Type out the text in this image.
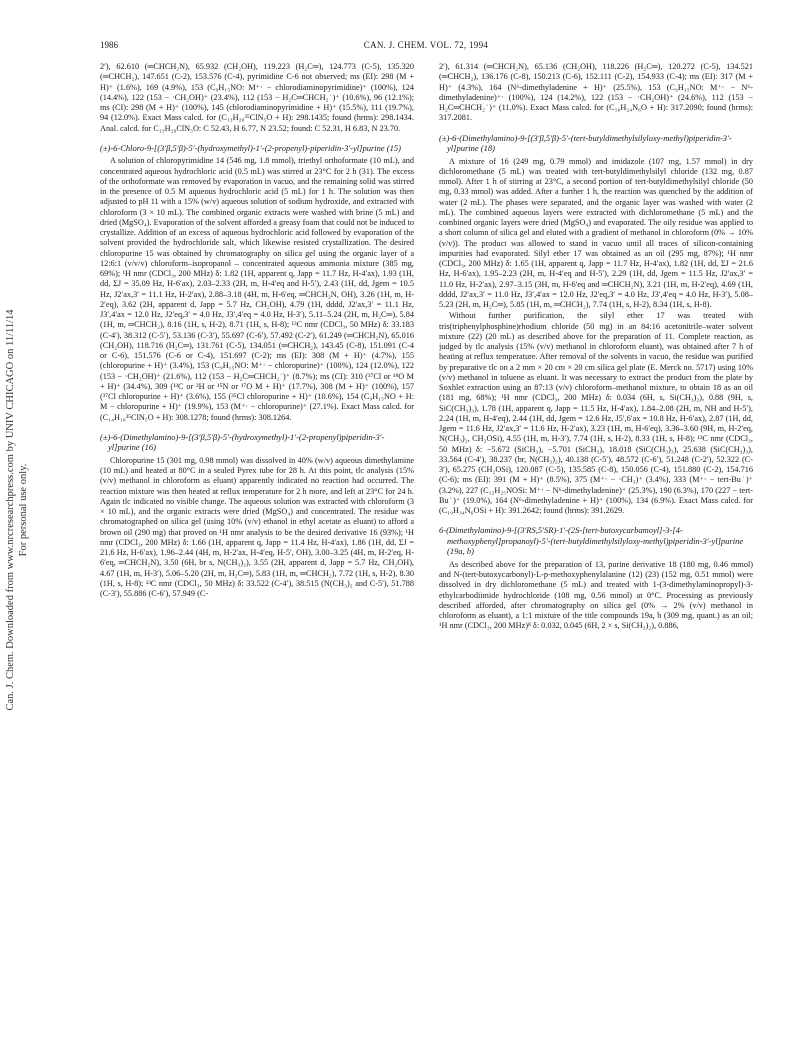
1986	CAN. J. CHEM. VOL. 72, 1994
Can. J. Chem. Downloaded from www.nrcresearchpress.com by UNIV CHICAGO on 11/11/14 For personal use only.

2′), 62.610 (═CHCH₂N), 65.932 (CH₂OH), 119.223 (H₂C═), 124.773 (C-5), 135.320 (═CHCH₂), 147.651 (C-2), 153.576 (C-4), pyrimidine C-6 not observed; ms (EI): 298 (M + H)⁺ (1.6%), 169 (4.9%), 153 (C₉H₁₅NO: M⁺· − chlorodiaminopyrimidine)⁺ (100%), 124 (14.4%), 122 (153 − ·CH₂OH)⁺ (23.4%), 112 (153 − H₂C═CHCH₂˙)⁺ (10.6%), 96 (12.1%); ms (CI): 298 (M + H)⁺ (100%), 145 (chlorodiaminopyrimidine + H)⁺ (15.5%), 111 (19.7%), 94 (12.0%). Exact Mass calcd. for (C₁₃H₂₀³⁵ClN₅O + H): 298.1435; found (hrms): 298.1434. Anal. calcd. for C₁₃H₂₀ClN₅O: C 52.43, H 6.77, N 23.52; found: C 52.31, H 6.83, N 23.70.

(±)-6-Chloro-9-[(3′β,5′β)-5′-(hydroxymethyl)-1′-(2-propenyl)-piperidin-3′-yl]purine (15)

A solution of chloropyrimidine 14 (546 mg, 1.8 mmol), triethyl orthoformate (10 mL), and concentrated aqueous hydrochloric acid (0.5 mL) was stirred at 23°C for 2 h (31). The excess of the orthoformate was removed by evaporation in vacuo, and the remaining solid was stirred in the presence of 0.5 M aqueous hydrochloric acid (5 mL) for 1 h. The solution was then adjusted to pH 11 with a 15% (w/v) aqueous solution of sodium hydroxide, and extracted with chloroform (3 × 10 mL). The combined organic extracts were washed with brine (5 mL) and dried (MgSO₄). Evaporation of the solvent afforded a greasy foam that could not be induced to crystallize. Addition of an excess of aqueous hydrochloric acid followed by evaporation of the solvent provided the hydrochloride salt, which likewise resisted crystallization. The desired chloropurine 15 was obtained by chromatography on silica gel using the organic layer of a 12:6:1 (v/v/v) chloroform–isopropanol – concentrated aqueous ammonia mixture (385 mg, 69%); ¹H nmr (CDCl₃, 200 MHz) δ: 1.82 (1H, apparent q, Japp = 11.7 Hz, H-4′ax), 1.93 (1H, dd, ΣJ = 35.09 Hz, H-6′ax), 2.03–2.33 (2H, m, H-4′eq and H-5′), 2.43 (1H, dd, Jgem = 10.5 Hz, J2′ax,3′ = 11.1 Hz, H-2′ax), 2.88–3.18 (4H, m, H-6′eq, ═CHCH₂N, OH), 3.26 (1H, m, H-2′eq), 3.62 (2H, apparent d, Japp = 5.7 Hz, CH₂OH), 4.79 (1H, dddd, J2′ax,3′ = 11.1 Hz, J3′,4′ax = 12.0 Hz, J2′eq,3′ = 4.0 Hz, J3′,4′eq = 4.0 Hz, H-3′), 5.11–5.24 (2H, m, H₂C═), 5.84 (1H, m, ═CHCH₂), 8.16 (1H, s, H-2), 8.71 (1H, s, H-8); ¹³C nmr (CDCl₃, 50 MHz) δ: 33.183 (C-4′), 38.312 (C-5′), 53.136 (C-3′), 55.697 (C-6′), 57.492 (C-2′), 61.249 (═CHCH₂N), 65.016 (CH₂OH), 118.716 (H₂C═), 131.761 (C-5), 134.051 (═CHCH₂), 143.45 (C-8), 151.091 (C-4 or C-6), 151.576 (C-6 or C-4), 151.697 (C-2); ms (EI): 308 (M + H)⁺ (4.7%), 155 (chloropurine + H)⁺ (3.4%), 153 (C₉H₁₅NO: M⁺· − chloropurine)⁺ (100%), 124 (12.0%), 122 (153 − ·CH₂OH)⁺ (21.6%), 112 (153 − H₂C═CHCH₂˙)⁺ (8.7%); ms (CI): 310 (³⁷Cl or ¹⁸O M + H)⁺ (34.4%), 309 (¹³C or ²H or ¹⁵N or ¹⁷O M + H)⁺ (17.7%), 308 (M + H)⁺ (100%), 157 (³⁷Cl chloropurine + H)⁺ (3.6%), 155 (³⁵Cl chloropurine + H)⁺ (10.6%), 154 (C₉H₁₅NO + H: M − chloropurine + H)⁺ (19.9%), 153 (M⁺· − chloropurine)⁺ (27.1%). Exact Mass calcd. for (C₁₄H₁₈³⁵ClN₅O + H): 308.1278; found (hrms): 308.1264.

(±)-6-(Dimethylamino)-9-[(3′β,5′β)-5′-(hydroxymethyl)-1′-(2-propenyl)piperidin-3′-yl]purine (16)

Chloropurine 15 (301 mg, 0.98 mmol) was dissolved in 40% (w/v) aqueous dimethylamine (10 mL) and heated at 80°C in a sealed Pyrex tube for 28 h. At this point, tlc analysis (15% (v/v) methanol in chloroform as eluant) apparently indicated no reaction had occurred. The reaction mixture was then heated at reflux temperature for 2 h more, and left at 23°C for 24 h. Again tlc indicated no visible change. The aqueous solution was extracted with chloroform (3 × 10 mL), and the organic extracts were dried (MgSO₄) and concentrated. The residue was chromatographed on silica gel (using 10% (v/v) ethanol in ethyl acetate as eluant) to afford a brown oil (290 mg) that proved on ¹H nmr analysis to be the desired derivative 16 (93%); ¹H nmr (CDCl₃, 200 MHz) δ: 1.66 (1H, apparent q, Japp = 11.4 Hz, H-4′ax), 1.86 (1H, dd, ΣJ = 21.6 Hz, H-6′ax), 1.96–2.44 (4H, m, H-2′ax, H-4′eq, H-5′, OH), 3.00–3.25 (4H, m, H-2′eq, H-6′eq, ═CHCH₂N), 3.50 (6H, br s, N(CH₃)₂), 3.55 (2H, apparent d, Japp = 5.7 Hz, CH₂OH), 4.67 (1H, m, H-3′), 5.06–5.20 (2H, m, H₂C═), 5.83 (1H, m, ═CHCH₂), 7.72 (1H, s, H-2), 8.30 (1H, s, H-8); ¹³C nmr (CDCl₃, 50 MHz) δ: 33.522 (C-4′), 38.515 (N(CH₃)₂ and C-5′), 51.788 (C-3′), 55.886 (C-6′), 57.949 (C-

2′), 61.314 (═CHCH₂N), 65.136 (CH₂OH), 118.226 (H₂C═), 120.272 (C-5), 134.521 (═CHCH₂), 136.176 (C-8), 150.213 (C-6), 152.111 (C-2), 154.933 (C-4); ms (EI): 317 (M + H)⁺ (4.3%), 164 (N⁶-dimethyladenine + H)⁺ (25.5%), 153 (C₉H₁₅NO: M⁺· − N⁶-dimethyladenine)⁺· (100%), 124 (14.2%), 122 (153 − ·CH₂OH)⁺ (24.6%), 112 (153 − H₂C═CHCH₂˙)⁺ (11.0%). Exact Mass calcd. for (C₁₆H₂₄N₆O + H): 317.2090; found (hrms): 317.2081.

(±)-6-(Dimethylamino)-9-[(3′β,5′β)-5′-(tert-butyldimethylsilyloxy-methyl)piperidin-3′-yl]purine (18)

A mixture of 16 (249 mg, 0.79 mmol) and imidazole (107 mg, 1.57 mmol) in dry dichloromethane (5 mL) was treated with tert-butyldimethylsilyl chloride (132 mg, 0.87 mmol). After 1 h of stirring at 23°C, a second portion of tert-butyldimethylsilyl chloride (50 mg, 0.33 mmol) was added. After a further 1 h, the reaction was quenched by the addition of water (2 mL). The phases were separated, and the organic layer was washed with water (2 mL). The combined aqueous layers were extracted with dichloromethane (5 mL) and the combined organic layers were dried (MgSO₄) and evaporated. The oily residue was applied to a short column of silica gel and eluted with a gradient of methanol in chloroform (0% → 10% (v/v)). The product was allowed to stand in vacuo until all traces of silicon-containing impurities had evaporated. Silyl ether 17 was obtained as an oil (295 mg, 87%); ¹H nmr (CDCl₃, 200 MHz) δ: 1.65 (1H, apparent q, Japp = 11.7 Hz, H-4′ax), 1.82 (1H, dd, ΣJ = 21.6 Hz, H-6′ax), 1.95–2.23 (2H, m, H-4′eq and H-5′), 2.29 (1H, dd, Jgem = 11.5 Hz, J2′ax,3′ = 11.0 Hz, H-2′ax), 2.97–3.15 (3H, m, H-6′eq and ═CHCH₂N), 3.21 (1H, m, H-2′eq), 4.69 (1H, dddd, J2′ax,3′ = 11.0 Hz, J3′,4′ax = 12.0 Hz, J2′eq,3′ = 4.0 Hz, J3′,4′eq = 4.0 Hz, H-3′), 5.08–5.23 (2H, m, H₂C═), 5.85 (1H, m, ═CHCH₂), 7.74 (1H, s, H-2), 8.34 (1H, s, H-8).

Without further purification, the silyl ether 17 was treated with tris(triphenylphosphine)rhodium chloride (50 mg) in an 84:16 acetonitrile–water solvent mixture (22) (20 mL) as described above for the preparation of 11. Complete reaction, as judged by tlc analysis (15% (v/v) methanol in chloroform eluant), was obtained after 7 h of heating at reflux temperature. After removal of the solvents in vacuo, the residue was purified by preparative tlc on a 2 mm × 20 cm × 20 cm silica gel plate (E. Merck no. 5717) using 10% (v/v) methanol in toluene as eluant. It was necessary to extract the product from the plate by Soxhlet extraction using an 87:13 (v/v) chloroform–methanol mixture, to obtain 18 as an oil (181 mg, 68%); ¹H nmr (CDCl₃, 200 MHz) δ: 0.034 (6H, s, Si(CH₃)₂), 0.88 (9H, s, SiC(CH₃)₃), 1.78 (1H, apparent q, Japp = 11.5 Hz, H-4′ax), 1.84–2.08 (2H, m, NH and H-5′), 2.24 (1H, m, H-4′eq), 2.44 (1H, dd, Jgem = 12.6 Hz, J5′,6′ax = 10.8 Hz, H-6′ax), 2.87 (1H, dd, Jgem = 11.6 Hz, J2′ax,3′ = 11.6 Hz, H-2′ax), 3.23 (1H, m, H-6′eq), 3.36–3.60 (9H, m, H-2′eq, N(CH₃)₂, CH₂OSi), 4.55 (1H, m, H-3′), 7.74 (1H, s, H-2), 8.33 (1H, s, H-8); ¹³C nmr (CDCl₃, 50 MHz) δ: −5.672 (SiCH₃), −5.701 (SiCH₃), 18.018 (SiC(CH₃)₃), 25.638 (SiC(CH₃)₃), 33.564 (C-4′), 38.237 (br, N(CH₃)₂), 40.138 (C-5′), 48.572 (C-6′), 51.248 (C-2′), 52.322 (C-3′), 65.275 (CH₂OSi), 120.087 (C-5), 135.585 (C-8), 150.056 (C-4), 151.880 (C-2), 154.716 (C-6); ms (EI): 391 (M + H)⁺ (8.5%), 375 (M⁺· − ·CH₃)⁺ (3.4%), 333 (M⁺· − tert-Bu˙)⁺ (3.2%), 227 (C₁₂H₂₅NOSi: M⁺· − N⁶-dimethyladenine)⁺ (25.3%), 190 (6.3%), 170 (227 − tert-Bu˙)⁺ (19.0%), 164 (N⁶-dimethyladenine + H)⁺ (100%), 134 (6.9%). Exact Mass calcd. for (C₁₉H₃₄N₆OSi + H): 391.2642; found (hrms): 391.2629.

6-(Dimethylamino)-9-[(3′RS,5′SR)-1′-(2S-[tert-butoxycarbamoyl]-3-[4-methoxyphenyl]propanoyl)-5′-(tert-butyldimethylsilyloxy-methyl)piperidin-3′-yl]purine (19a, b)

As described above for the preparation of 13, purine derivative 18 (180 mg, 0.46 mmol) and N-(tert-butoxycarbonyl)-L-p-methoxyphenylalanine (12) (23) (152 mg, 0.51 mmol) were dissolved in dry dichloromethane (5 mL) and treated with 1-(3-dimethylaminopropyl)-3-ethylcarbodiimide hydrochloride (108 mg, 0.56 mmol) at 0°C. Processing as previously described afforded, after chromatography on silica gel (0% → 2% (v/v) methanol in chloroform as eluant), a 1:1 mixture of the title compounds 19a, b (309 mg, quant.) as an oil; ¹H nmr (CDCl₃, 200 MHz)⁸ δ: 0.032, 0.045 (6H, 2 × s, Si(CH₃)₂), 0.886,
